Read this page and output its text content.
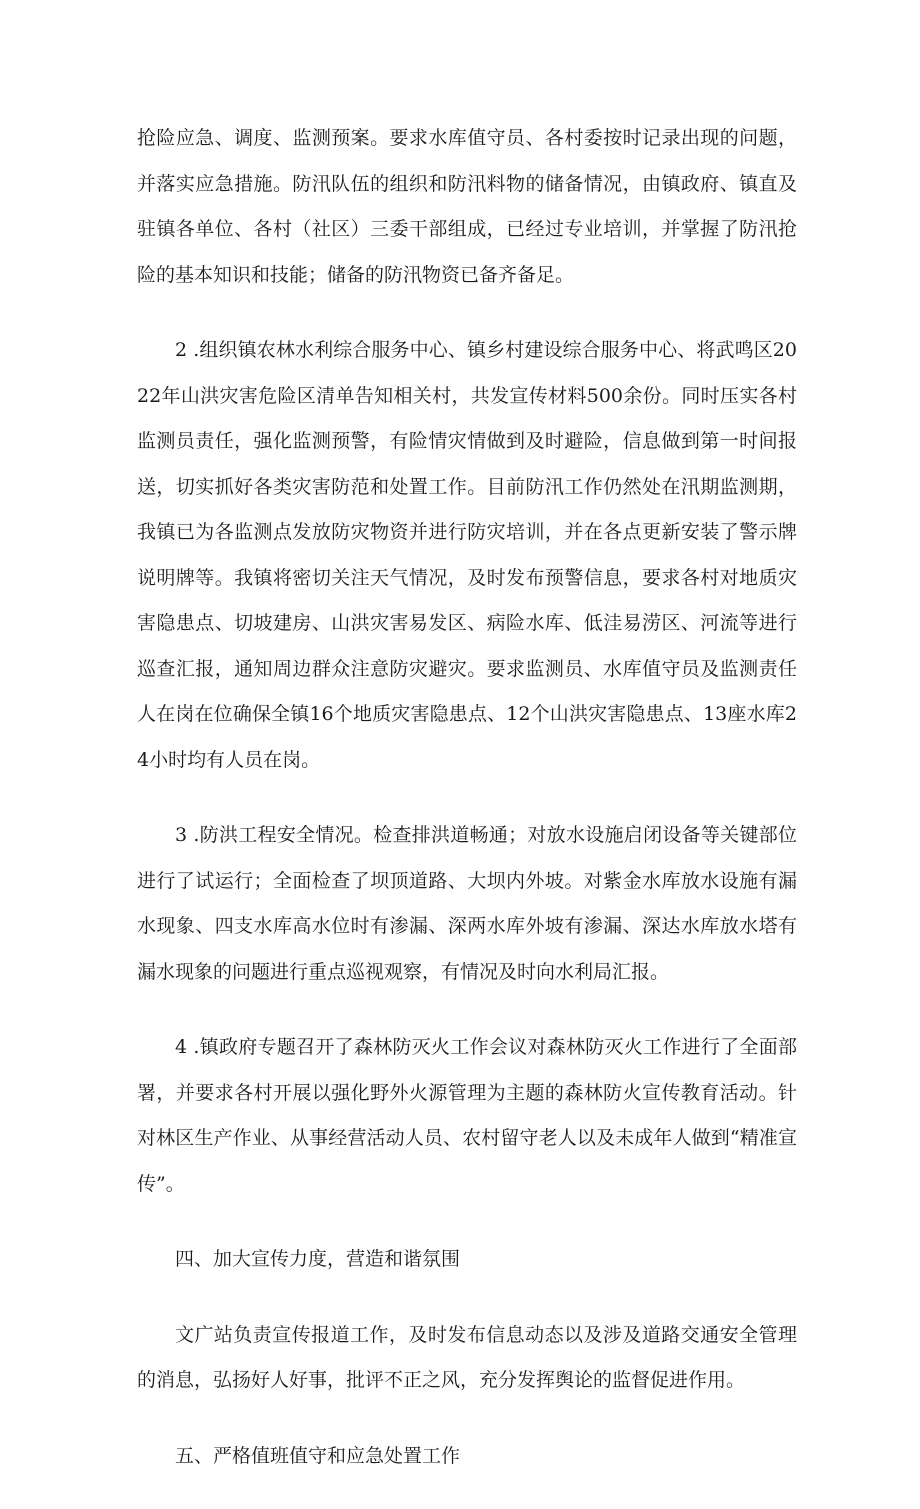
抢险应急、调度、监测预案。要求水库值守员、各村委按时记录出现的问题，并落实应急措施。防汛队伍的组织和防汛料物的储备情况，由镇政府、镇直及驻镇各单位、各村（社区）三委干部组成，已经过专业培训，并掌握了防汛抢险的基本知识和技能；储备的防汛物资已备齐备足。

2 .组织镇农林水利综合服务中心、镇乡村建设综合服务中心、将武鸣区2022年山洪灾害危险区清单告知相关村，共发宣传材料500余份。同时压实各村监测员责任，强化监测预警，有险情灾情做到及时避险，信息做到第一时间报送，切实抓好各类灾害防范和处置工作。目前防汛工作仍然处在汛期监测期，我镇已为各监测点发放防灾物资并进行防灾培训，并在各点更新安装了警示牌说明牌等。我镇将密切关注天气情况，及时发布预警信息，要求各村对地质灾害隐患点、切坡建房、山洪灾害易发区、病险水库、低洼易涝区、河流等进行巡查汇报，通知周边群众注意防灾避灾。要求监测员、水库值守员及监测责任人在岗在位确保全镇16个地质灾害隐患点、12个山洪灾害隐患点、13座水库24小时均有人员在岗。

3 .防洪工程安全情况。检查排洪道畅通；对放水设施启闭设备等关键部位进行了试运行；全面检查了坝顶道路、大坝内外坡。对紫金水库放水设施有漏水现象、四支水库高水位时有渗漏、深两水库外坡有渗漏、深达水库放水塔有漏水现象的问题进行重点巡视观察，有情况及时向水利局汇报。

4 .镇政府专题召开了森林防灭火工作会议对森林防灭火工作进行了全面部署，并要求各村开展以强化野外火源管理为主题的森林防火宣传教育活动。针对林区生产作业、从事经营活动人员、农村留守老人以及未成年人做到“精准宣传”。

四、加大宣传力度，营造和谐氛围

文广站负责宣传报道工作，及时发布信息动态以及涉及道路交通安全管理的消息，弘扬好人好事，批评不正之风，充分发挥舆论的监督促进作用。

五、严格值班值守和应急处置工作
